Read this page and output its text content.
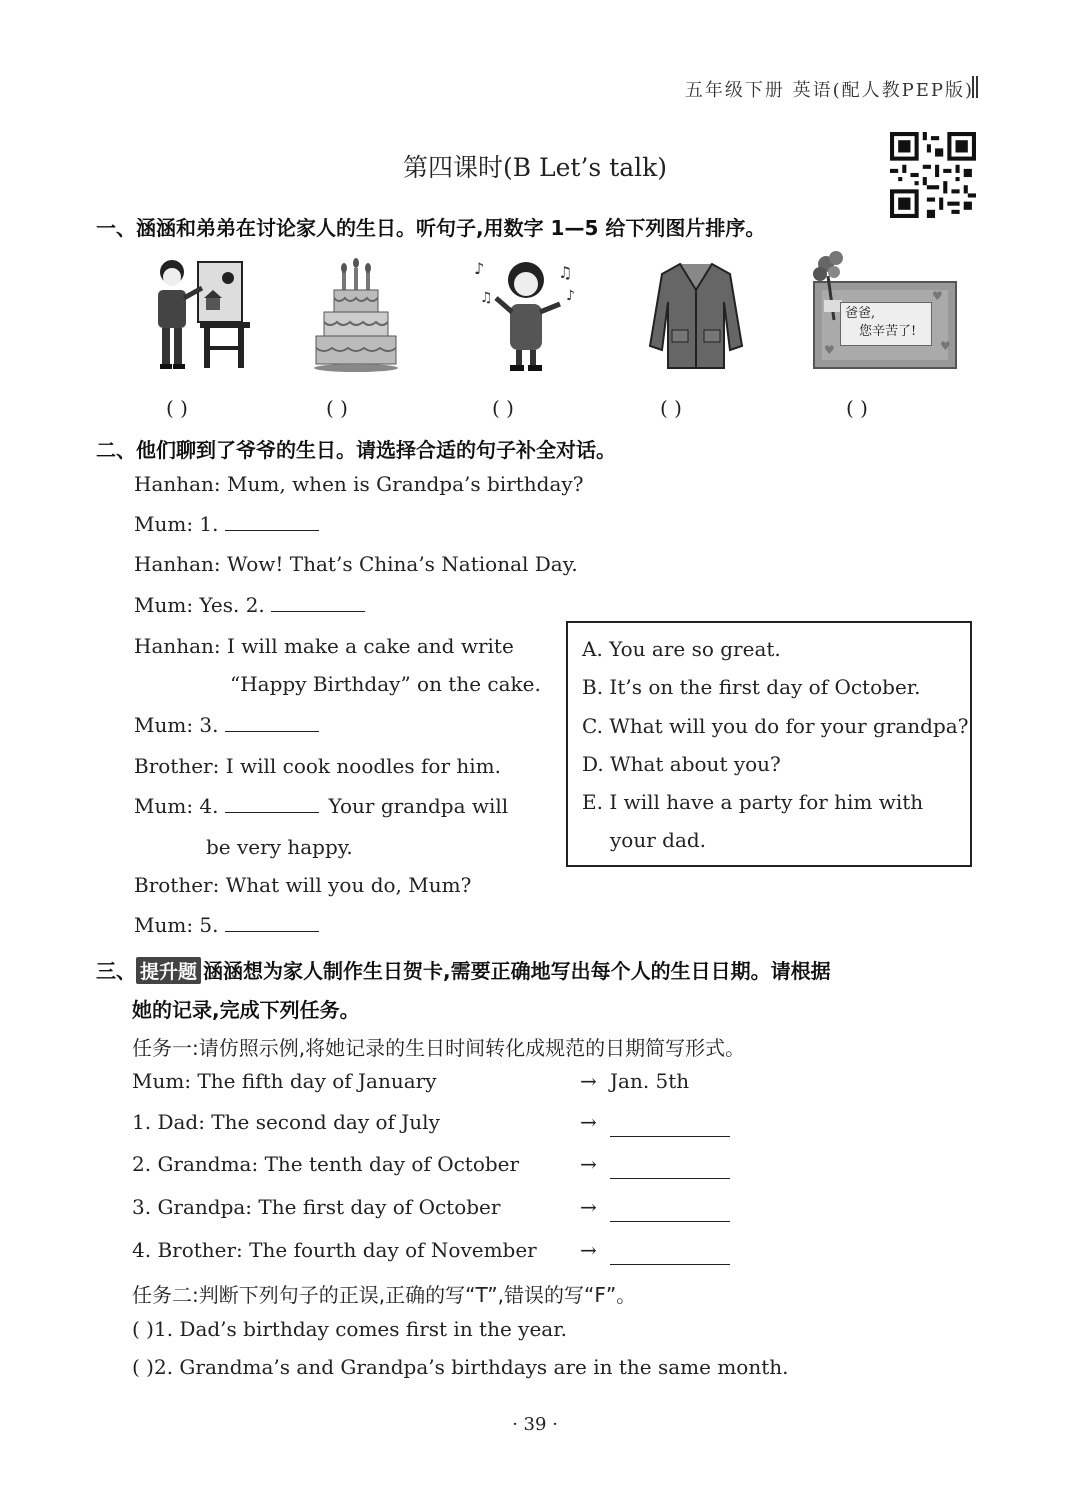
五年级下册 英语(配人教PEP版)
第四课时(B Let’s talk)
一、涵涵和弟弟在讨论家人的生日。听句子,用数字 1—5 给下列图片排序。
♪
♫
♫
♪	♥
♥
♥
爸爸,
您辛苦了!
( )	( )	( )	( )	( )
二、他们聊到了爷爷的生日。请选择合适的句子补全对话。
Hanhan: Mum, when is Grandpa’s birthday?
Mum: 1.
Hanhan: Wow! That’s China’s National Day.
Mum: Yes. 2.
Hanhan: I will make a cake and write
“Happy Birthday” on the cake.
Mum: 3.
Brother: I will cook noodles for him.
Mum: 4.	Your grandpa will
be very happy.
Brother: What will you do, Mum?
Mum: 5.
A. You are so great.
B. It’s on the first day of October.
C. What will you do for your grandpa?
D. What about you?
E. I will have a party for him with
your dad.
三、 提升题 涵涵想为家人制作生日贺卡,需要正确地写出每个人的生日日期。请根据
她的记录,完成下列任务。
任务一:请仿照示例,将她记录的生日时间转化成规范的日期简写形式。
Mum: The fifth day of January	→ Jan. 5th
1. Dad: The second day of July	→
2. Grandma: The tenth day of October	→
3. Grandpa: The first day of October	→
4. Brother: The fourth day of November →
任务二:判断下列句子的正误,正确的写“T”,错误的写“F”。
( )1. Dad’s birthday comes first in the year.
( )2. Grandma’s and Grandpa’s birthdays are in the same month.
· 39 ·
